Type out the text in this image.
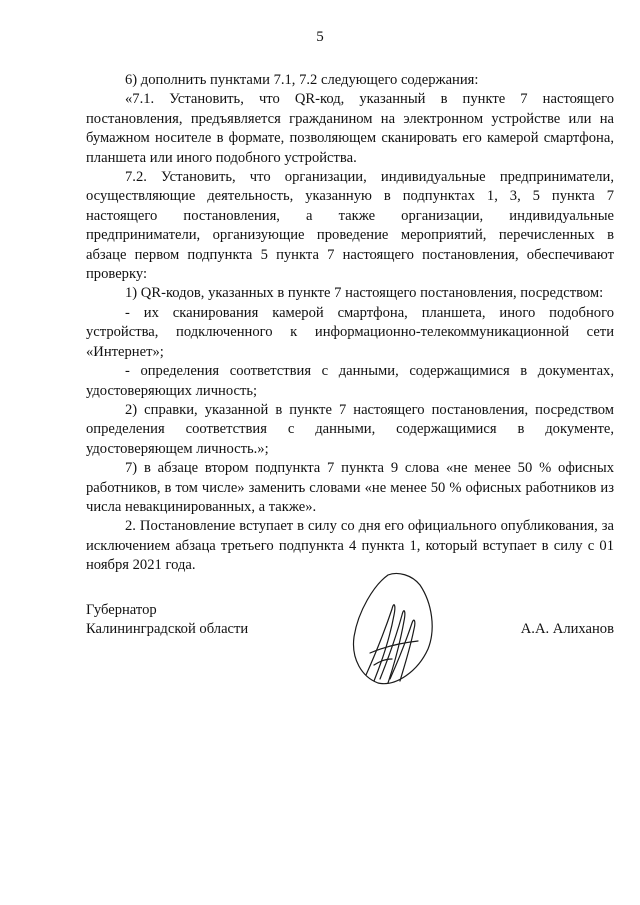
5

6) дополнить пунктами 7.1, 7.2 следующего содержания:

«7.1. Установить, что QR-код, указанный в пункте 7 настоящего постановления, предъявляется гражданином на электронном устройстве или на бумажном носителе в формате, позволяющем сканировать его камерой смартфона, планшета или иного подобного устройства.

7.2. Установить, что организации, индивидуальные предприниматели, осуществляющие деятельность, указанную в подпунктах 1, 3, 5 пункта 7 настоящего постановления, а также организации, индивидуальные предприниматели, организующие проведение мероприятий, перечисленных в абзаце первом подпункта 5 пункта 7 настоящего постановления, обеспечивают проверку:

1) QR-кодов, указанных в пункте 7 настоящего постановления, посредством:

- их сканирования камерой смартфона, планшета, иного подобного устройства, подключенного к информационно-телекоммуникационной сети «Интернет»;

- определения соответствия с данными, содержащимися в документах, удостоверяющих личность;

2) справки, указанной в пункте 7 настоящего постановления, посредством определения соответствия с данными, содержащимися в документе, удостоверяющем личность.»;

7) в абзаце втором подпункта 7 пункта 9 слова «не менее 50 % офисных работников, в том числе» заменить словами «не менее 50 % офисных работников из числа невакцинированных, а также».

2. Постановление вступает в силу со дня его официального опубликования, за исключением абзаца третьего подпункта 4 пункта 1, который вступает в силу с 01 ноября 2021 года.

Губернатор
Калининградской области	А.А. Алиханов
